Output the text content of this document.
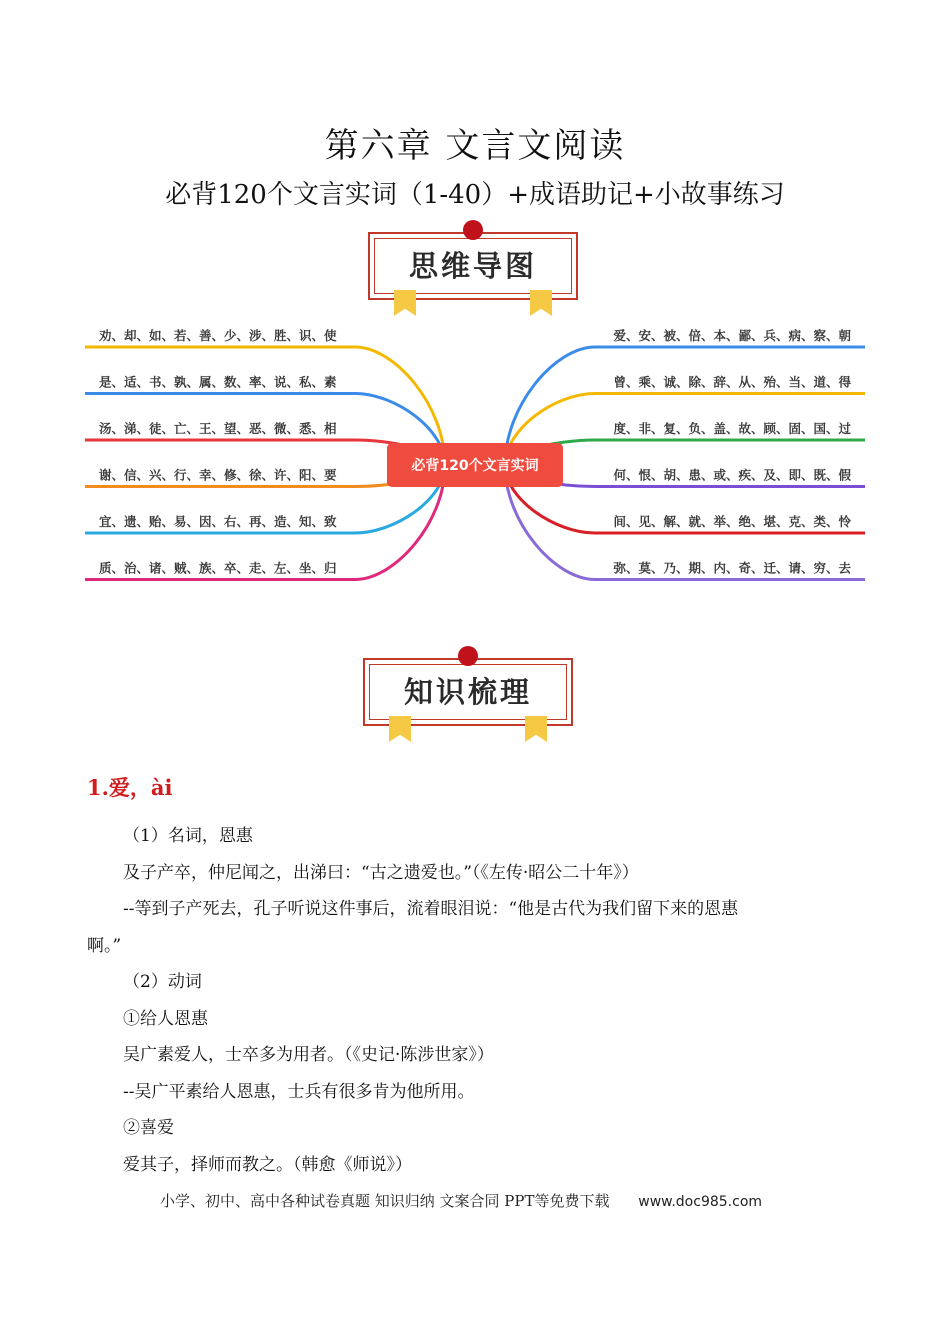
第六章 文言文阅读
必背120个文言实词（1-40）+成语助记+小故事练习
思维导图
劝、却、如、若、善、少、涉、胜、识、使
是、适、书、孰、属、数、率、说、私、素
汤、涕、徒、亡、王、望、恶、微、悉、相
谢、信、兴、行、幸、修、徐、许、阳、要
宜、遗、贻、易、因、右、再、造、知、致
质、治、诸、贼、族、卒、走、左、坐、归
爱、安、被、倍、本、鄙、兵、病、察、朝
曾、乘、诚、除、辞、从、殆、当、道、得
度、非、复、负、盖、故、顾、固、国、过
何、恨、胡、患、或、疾、及、即、既、假
间、见、解、就、举、绝、堪、克、类、怜
弥、莫、乃、期、内、奇、迁、请、穷、去
必背120个文言实词
知识梳理
1.爱，ài

（1）名词，恩惠

及子产卒，仲尼闻之，出涕曰：“古之遗爱也。”（《左传·昭公二十年》）

--等到子产死去，孔子听说这件事后，流着眼泪说：“他是古代为我们留下来的恩惠

啊。”

（2）动词

①给人恩惠

吴广素爱人，士卒多为用者。（《史记·陈涉世家》）

--吴广平素给人恩惠，士兵有很多肯为他所用。

②喜爱

爱其子，择师而教之。（韩愈《师说》）

小学、初中、高中各种试卷真题 知识归纳 文案合同 PPT等免费下载 www.doc985.com
